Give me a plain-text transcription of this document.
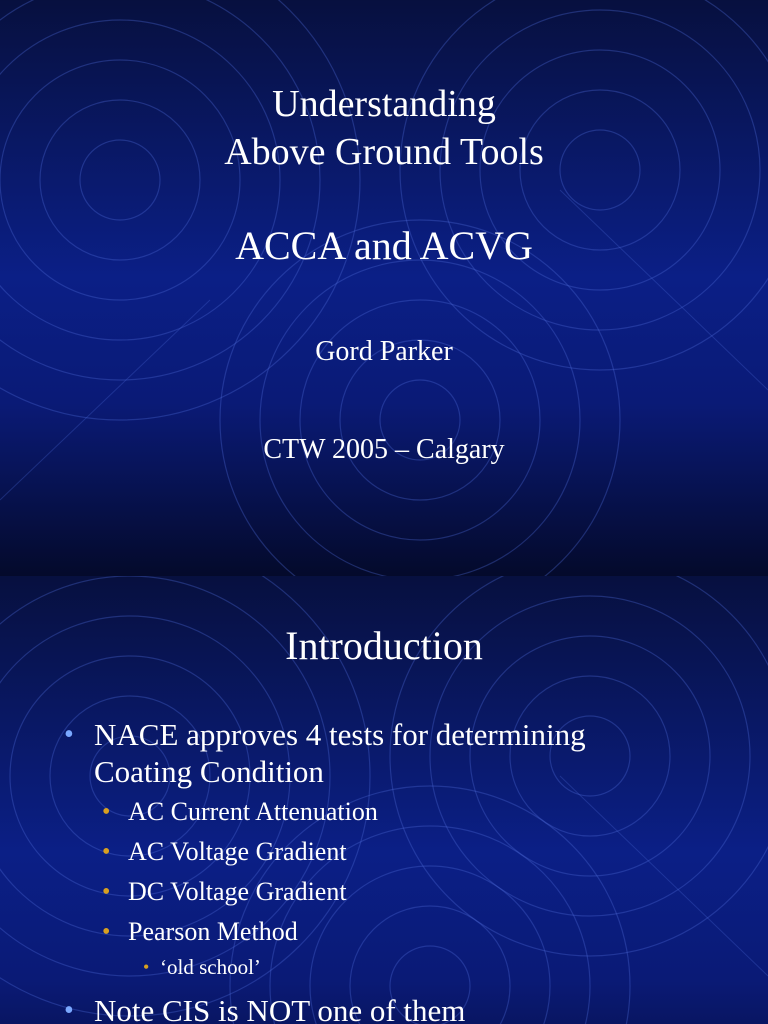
Understanding
Above Ground Tools
ACCA and ACVG
Gord Parker
CTW 2005 – Calgary
Introduction
• NACE approves 4 tests for determining
Coating Condition
• AC Current Attenuation
• AC Voltage Gradient
• DC Voltage Gradient
• Pearson Method
• ‘old school’
• Note CIS is NOT one of them
